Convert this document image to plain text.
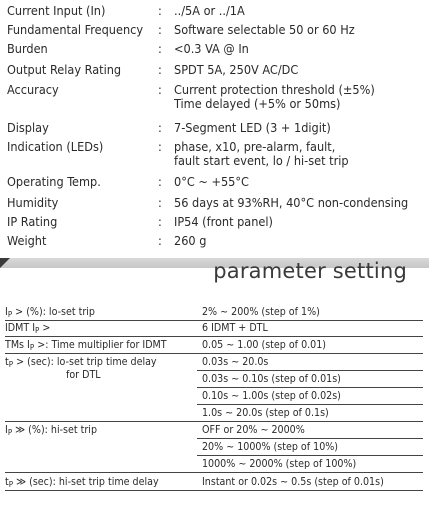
Current Input (In)	: ../5A or ../1A
Fundamental Frequency : Software selectable 50 or 60 Hz
Burden	: <0.3 VA @ In
Output Relay Rating	: SPDT 5A, 250V AC/DC
Accuracy	: Current protection threshold (±5%)
Time delayed (+5% or 50ms)
Display	: 7-Segment LED (3 + 1digit)
Indication (LEDs)	: phase, x10, pre-alarm, fault,
fault start event, lo / hi-set trip
Operating Temp.	: 0°C ~ +55°C
Humidity	: 56 days at 93%RH, 40°C non-condensing
IP Rating	: IP54 (front panel)
Weight	: 260 g
parameter setting
IP > (%): lo-set trip	2% ~ 200% (step of 1%)
IDMT IP >	6 IDMT + DTL
TMs IP >: Time multiplier for IDMT	0.05 ~ 1.00 (step of 0.01)
tP > (sec): lo-set trip time delay	0.03s ~ 20.0s
for DTL	0.03s ~ 0.10s (step of 0.01s)
0.10s ~ 1.00s (step of 0.02s)
1.0s ~ 20.0s (step of 0.1s)
IP ≫ (%): hi-set trip	OFF or 20% ~ 2000%
20% ~ 1000% (step of 10%)
1000% ~ 2000% (step of 100%)
tP ≫ (sec): hi-set trip time delay	Instant or 0.02s ~ 0.5s (step of 0.01s)
